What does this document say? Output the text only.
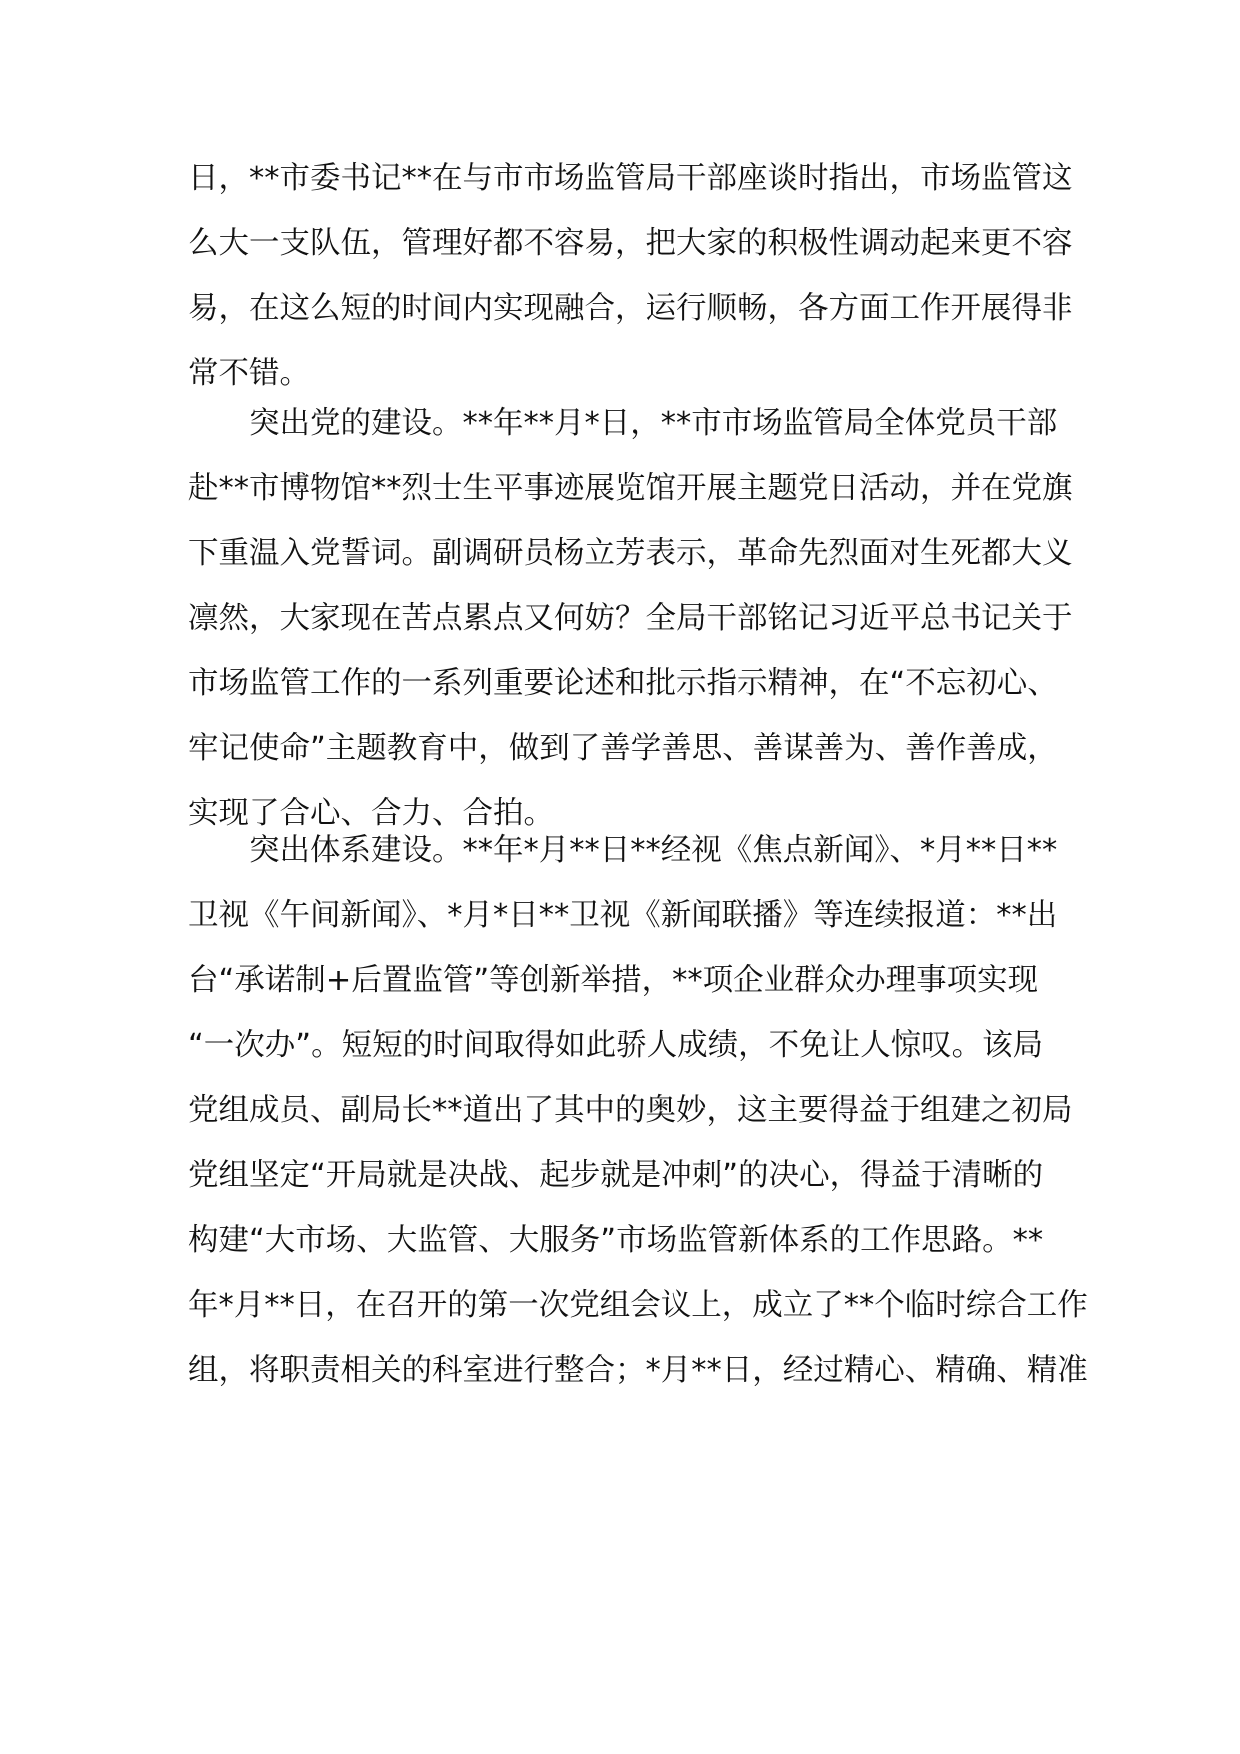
日，**市委书记**在与市市场监管局干部座谈时指出，市场监管这
么大一支队伍，管理好都不容易，把大家的积极性调动起来更不容
易，在这么短的时间内实现融合，运行顺畅，各方面工作开展得非
常不错。
　　突出党的建设。**年**月*日，**市市场监管局全体党员干部
赴**市博物馆**烈士生平事迹展览馆开展主题党日活动，并在党旗
下重温入党誓词。副调研员杨立芳表示，革命先烈面对生死都大义
凛然，大家现在苦点累点又何妨？全局干部铭记习近平总书记关于
市场监管工作的一系列重要论述和批示指示精神，在“不忘初心、
牢记使命”主题教育中，做到了善学善思、善谋善为、善作善成，
实现了合心、合力、合拍。
　　突出体系建设。**年*月**日**经视《焦点新闻》、*月**日**
卫视《午间新闻》、*月*日**卫视《新闻联播》等连续报道：**出
台“承诺制+后置监管”等创新举措，**项企业群众办理事项实现
“一次办”。短短的时间取得如此骄人成绩，不免让人惊叹。该局
党组成员、副局长**道出了其中的奥妙，这主要得益于组建之初局
党组坚定“开局就是决战、起步就是冲刺”的决心，得益于清晰的
构建“大市场、大监管、大服务”市场监管新体系的工作思路。**
年*月**日，在召开的第一次党组会议上，成立了**个临时综合工作
组，将职责相关的科室进行整合；*月**日，经过精心、精确、精准
